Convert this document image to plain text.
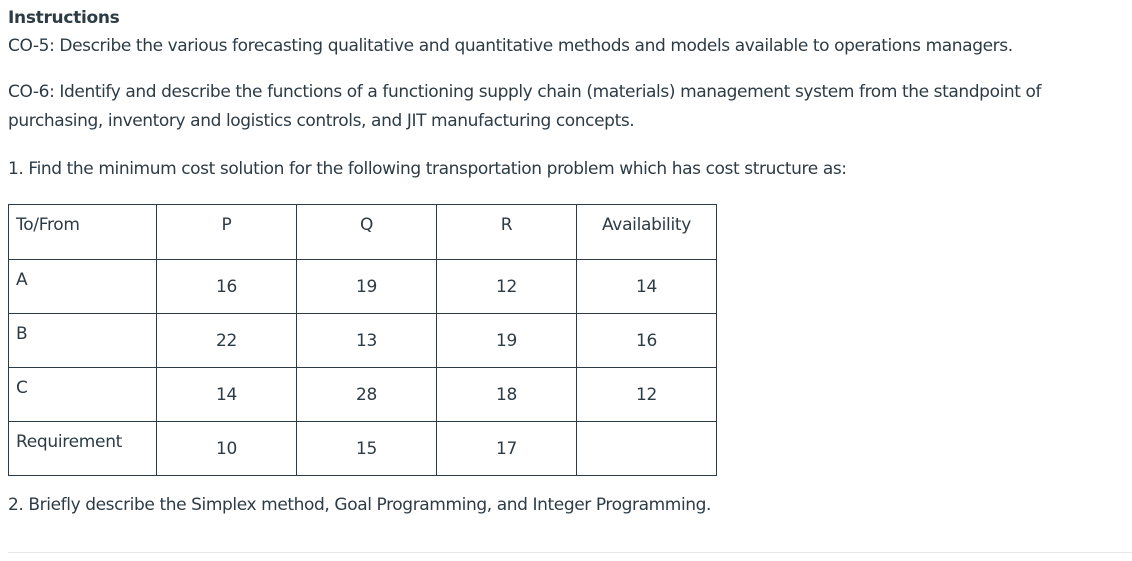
Instructions

CO-5: Describe the various forecasting qualitative and quantitative methods and models available to operations managers.

CO-6: Identify and describe the functions of a functioning supply chain (materials) management system from the standpoint of
purchasing, inventory and logistics controls, and JIT manufacturing concepts.

1. Find the minimum cost solution for the following transportation problem which has cost structure as:

To/From	P	Q	R	Availability
A	16	19	12	14
B	22	13	19	16
C	14	28	18	12
Requirement	10	15	17	

2. Briefly describe the Simplex method, Goal Programming, and Integer Programming.
